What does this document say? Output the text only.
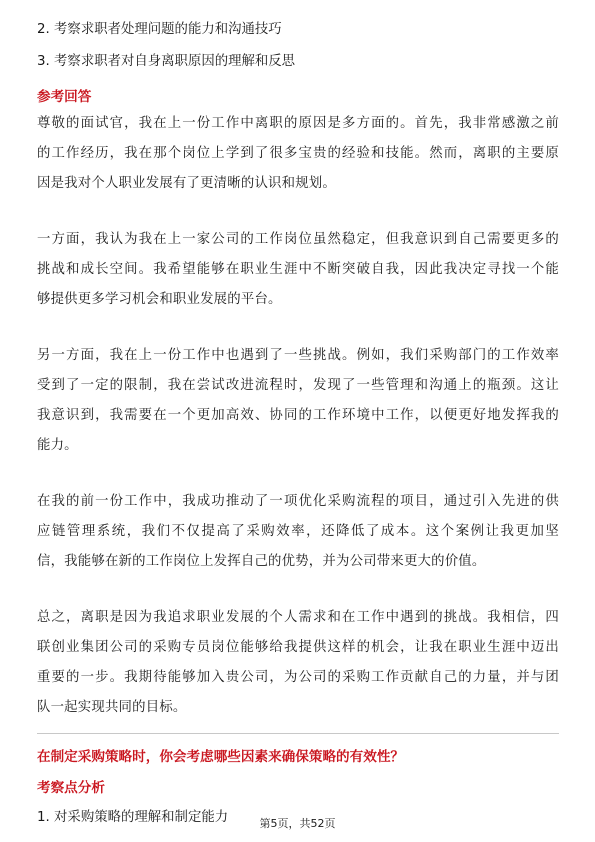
2. 考察求职者处理问题的能力和沟通技巧

3. 考察求职者对自身离职原因的理解和反思

参考回答

尊敬的面试官，我在上一份工作中离职的原因是多方面的。首先，我非常感激之前

的工作经历，我在那个岗位上学到了很多宝贵的经验和技能。然而，离职的主要原

因是我对个人职业发展有了更清晰的认识和规划。

一方面，我认为我在上一家公司的工作岗位虽然稳定，但我意识到自己需要更多的

挑战和成长空间。我希望能够在职业生涯中不断突破自我，因此我决定寻找一个能

够提供更多学习机会和职业发展的平台。

另一方面，我在上一份工作中也遇到了一些挑战。例如，我们采购部门的工作效率

受到了一定的限制，我在尝试改进流程时，发现了一些管理和沟通上的瓶颈。这让

我意识到，我需要在一个更加高效、协同的工作环境中工作，以便更好地发挥我的

能力。

在我的前一份工作中，我成功推动了一项优化采购流程的项目，通过引入先进的供

应链管理系统，我们不仅提高了采购效率，还降低了成本。这个案例让我更加坚

信，我能够在新的工作岗位上发挥自己的优势，并为公司带来更大的价值。

总之，离职是因为我追求职业发展的个人需求和在工作中遇到的挑战。我相信，四

联创业集团公司的采购专员岗位能够给我提供这样的机会，让我在职业生涯中迈出

重要的一步。我期待能够加入贵公司，为公司的采购工作贡献自己的力量，并与团

队一起实现共同的目标。

在制定采购策略时，你会考虑哪些因素来确保策略的有效性？

考察点分析

1. 对采购策略的理解和制定能力	第5页，共52页
